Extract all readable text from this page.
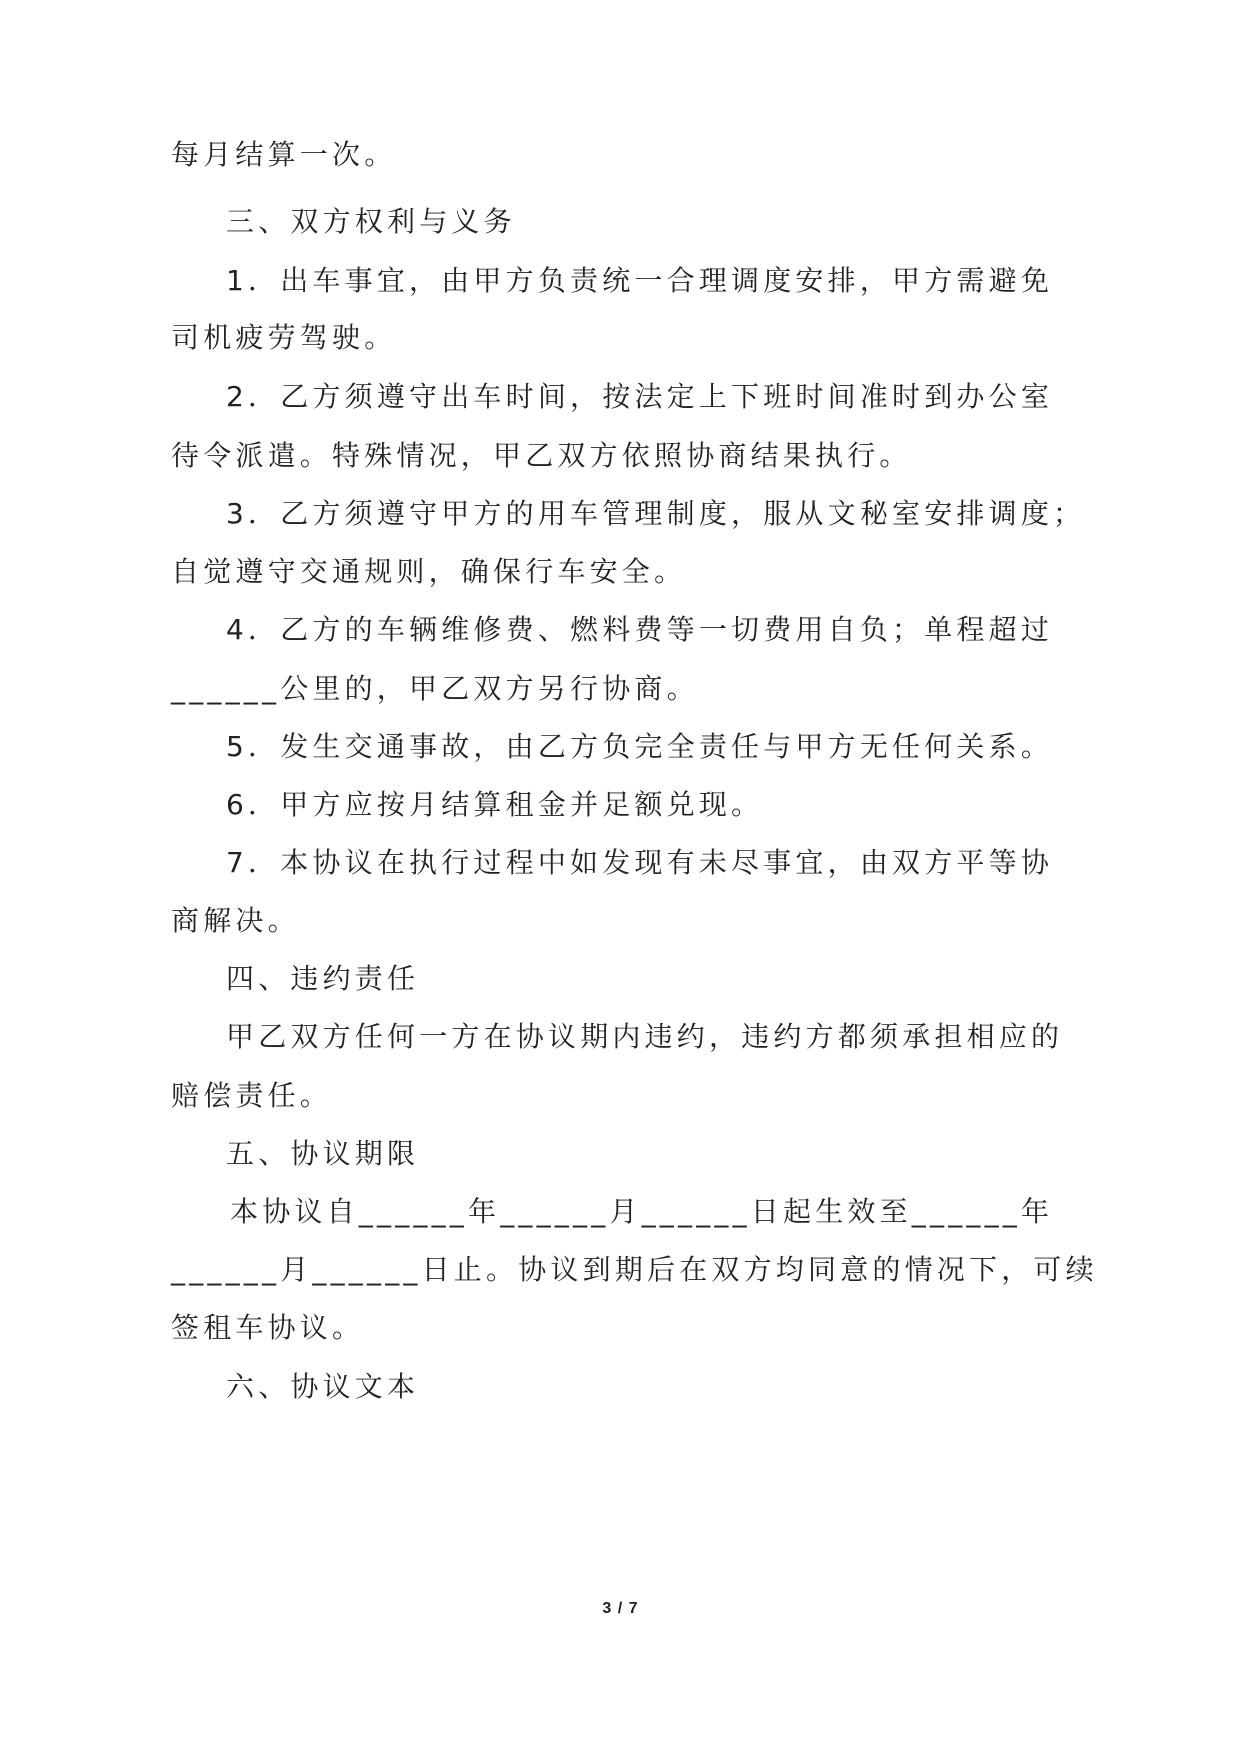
每月结算一次。
三、双方权利与义务
1．出车事宜，由甲方负责统一合理调度安排，甲方需避免
司机疲劳驾驶。
2．乙方须遵守出车时间，按法定上下班时间准时到办公室
待令派遣。特殊情况，甲乙双方依照协商结果执行。
3．乙方须遵守甲方的用车管理制度，服从文秘室安排调度；
自觉遵守交通规则，确保行车安全。
4．乙方的车辆维修费、燃料费等一切费用自负；单程超过
______公里的，甲乙双方另行协商。
5．发生交通事故，由乙方负完全责任与甲方无任何关系。
6．甲方应按月结算租金并足额兑现。
7．本协议在执行过程中如发现有未尽事宜，由双方平等协
商解决。
四、违约责任
甲乙双方任何一方在协议期内违约，违约方都须承担相应的
赔偿责任。
五、协议期限
本协议自______年______月______日起生效至______年
______月______日止。协议到期后在双方均同意的情况下，可续
签租车协议。
六、协议文本
3 / 7
